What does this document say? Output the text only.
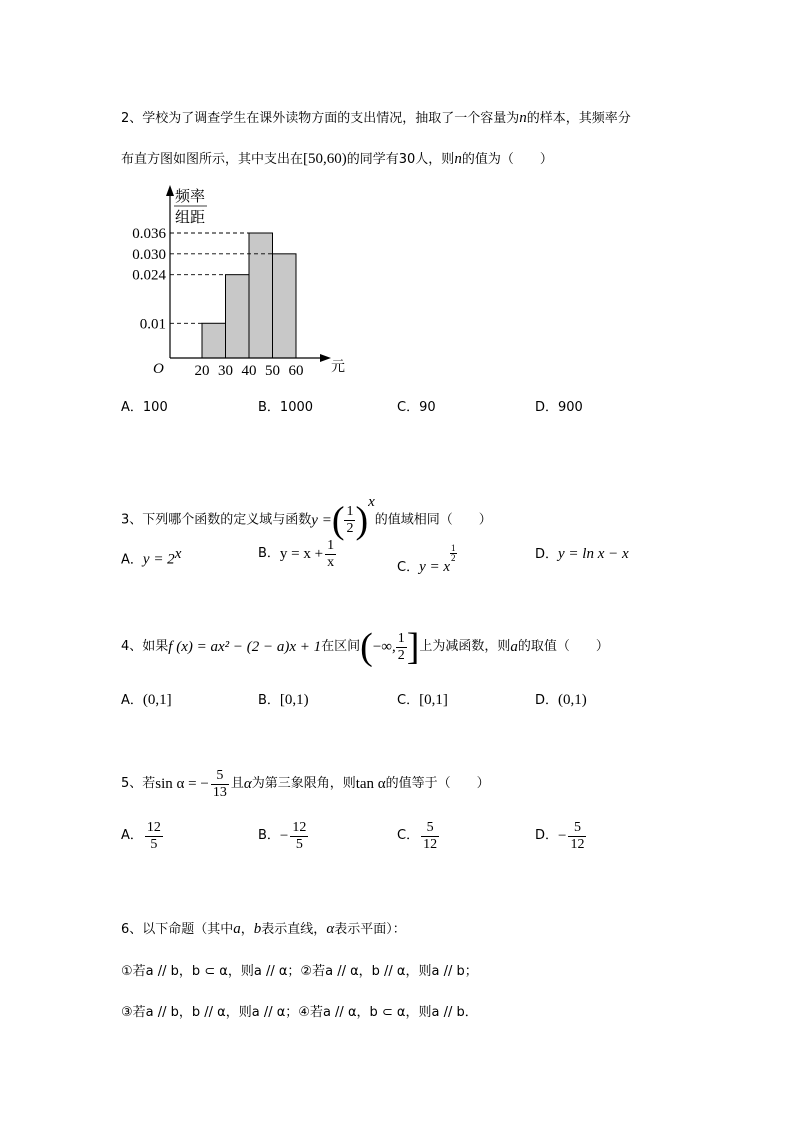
2、学校为了调查学生在课外读物方面的支出情况，抽取了一个容量为n的样本，其频率分
布直方图如图所示，其中支出在[50,60)的同学有30人，则n的值为（　　）
频率
组距
O	元
0.036
0.030
0.024
0.01
20 30 40 50 60
A．100	B．1000	C．90	D．900
3、下列哪个函数的定义域与函数y =( $\frac{1}{2} )^x$的值域相同（　　）
A．$y = 2^x$	B．$y = x + \frac{1}{x}$	C．y = x
$\frac{1}{2}$	D．y = ln x − x
4、如果f (x) = ax² − (2 − a)x + 1在区间(−∞, $\frac{1}{2}$ ]上为减函数，则a的取值（　　）
A．(0,1]	B．[0,1)	C．[0,1]	D．(0,1)
5、若sin α = − $\frac{5}{13}$ 且α为第三象限角，则tan α的值等于（　　）
A． $\frac{12}{5}$	B．− $\frac{12}{5}$	C． $\frac{5}{12}$	D．− $\frac{5}{12}$
6、以下命题（其中a，b表示直线，α表示平面）：
①若a // b，b ⊂ α，则a // α；②若a // α，b // α，则a // b；
③若a // b，b // α，则a // α；④若a // α，b ⊂ α，则a // b．
